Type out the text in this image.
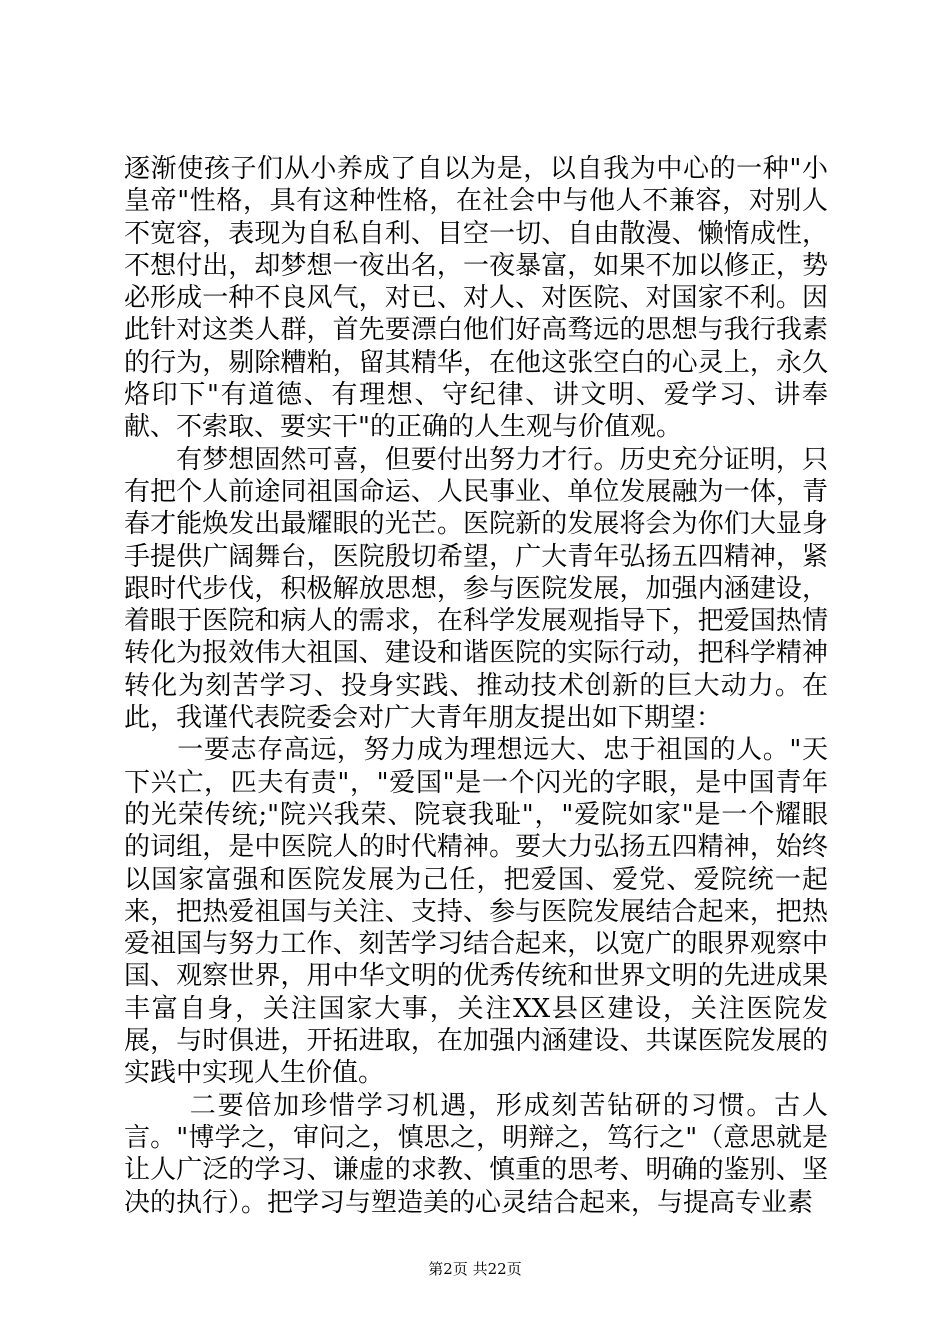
逐渐使孩子们从小养成了自以为是，以自我为中心的一种"小皇帝"性格，具有这种性格，在社会中与他人不兼容，对别人不宽容，表现为自私自利、目空一切、自由散漫、懒惰成性，不想付出，却梦想一夜出名，一夜暴富，如果不加以修正，势必形成一种不良风气，对已、对人、对医院、对国家不利。因此针对这类人群，首先要漂白他们好高骛远的思想与我行我素的行为，剔除糟粕，留其精华，在他这张空白的心灵上，永久烙印下"有道德、有理想、守纪律、讲文明、爱学习、讲奉献、不索取、要实干"的正确的人生观与价值观。

　　有梦想固然可喜，但要付出努力才行。历史充分证明，只有把个人前途同祖国命运、人民事业、单位发展融为一体，青春才能焕发出最耀眼的光芒。医院新的发展将会为你们大显身手提供广阔舞台，医院殷切希望，广大青年弘扬五四精神，紧跟时代步伐，积极解放思想，参与医院发展，加强内涵建设，着眼于医院和病人的需求，在科学发展观指导下，把爱国热情转化为报效伟大祖国、建设和谐医院的实际行动，把科学精神转化为刻苦学习、投身实践、推动技术创新的巨大动力。在此，我谨代表院委会对广大青年朋友提出如下期望：

　　一要志存高远，努力成为理想远大、忠于祖国的人。"天下兴亡，匹夫有责"，"爱国"是一个闪光的字眼，是中国青年的光荣传统;"院兴我荣、院衰我耻"，"爱院如家"是一个耀眼的词组，是中医院人的时代精神。要大力弘扬五四精神，始终以国家富强和医院发展为己任，把爱国、爱党、爱院统一起来，把热爱祖国与关注、支持、参与医院发展结合起来，把热爱祖国与努力工作、刻苦学习结合起来，以宽广的眼界观察中国、观察世界，用中华文明的优秀传统和世界文明的先进成果丰富自身，关注国家大事，关注XX县区建设，关注医院发展，与时俱进，开拓进取，在加强内涵建设、共谋医院发展的实践中实现人生价值。

　　 二要倍加珍惜学习机遇，形成刻苦钻研的习惯。古人言。"博学之，审问之，慎思之，明辩之，笃行之"（意思就是让人广泛的学习、谦虚的求教、慎重的思考、明确的鉴别、坚决的执行）。把学习与塑造美的心灵结合起来，与提高专业素

第2页 共22页
